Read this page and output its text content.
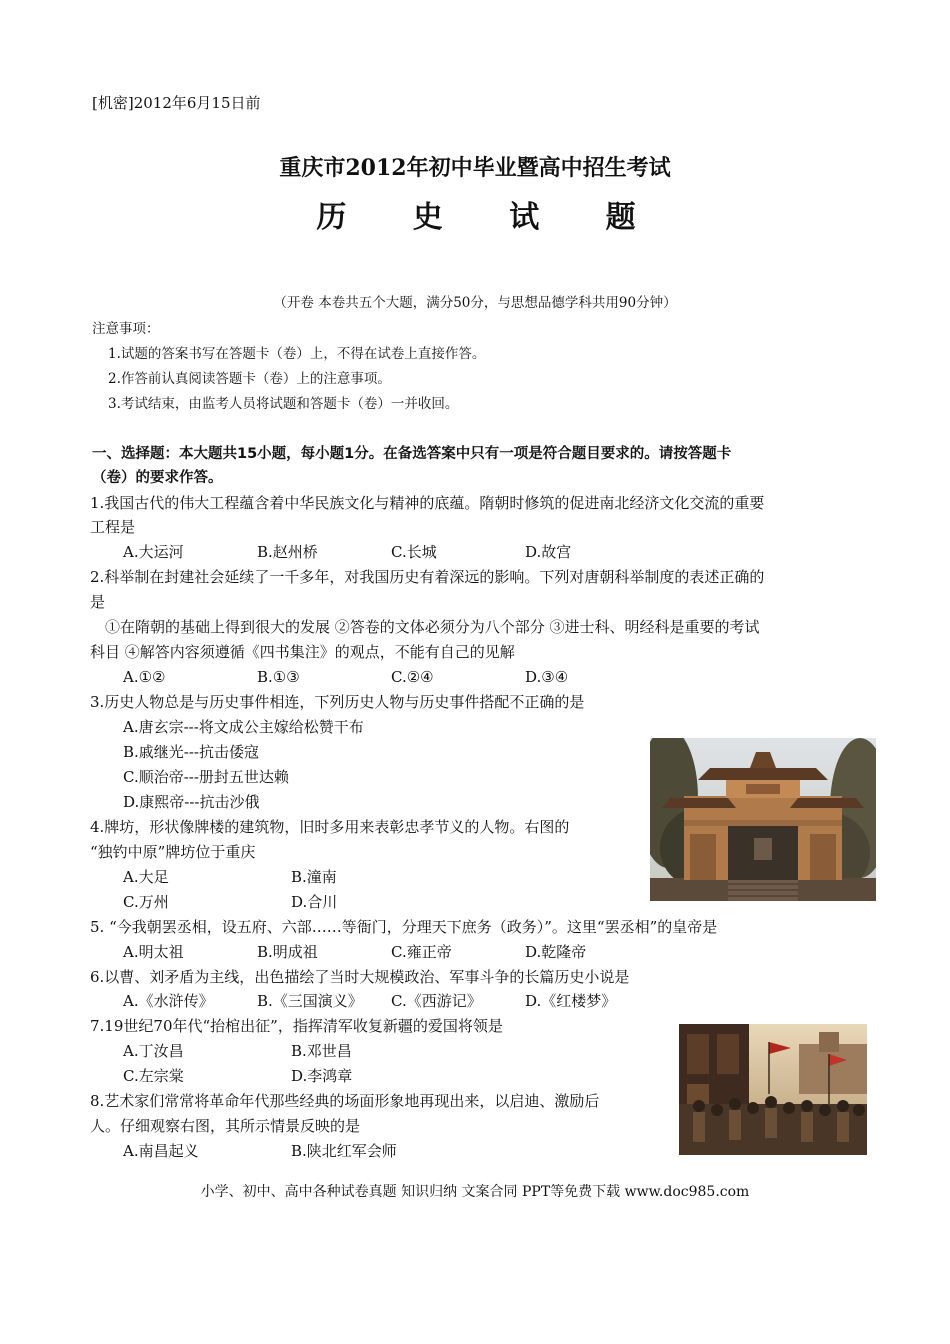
[机密]2012年6月15日前
重庆市2012年初中毕业暨高中招生考试
历 史 试 题
（开卷 本卷共五个大题，满分50分，与思想品德学科共用90分钟）
注意事项：
1.试题的答案书写在答题卡（卷）上，不得在试卷上直接作答。
2.作答前认真阅读答题卡（卷）上的注意事项。
3.考试结束，由监考人员将试题和答题卡（卷）一并收回。
一、选择题：本大题共15小题，每小题1分。在备选答案中只有一项是符合题目要求的。请按答题卡
（卷）的要求作答。
1.我国古代的伟大工程蕴含着中华民族文化与精神的底蕴。隋朝时修筑的促进南北经济文化交流的重要
工程是
A.大运河	B.赵州桥	C.长城	D.故宫
2.科举制在封建社会延续了一千多年，对我国历史有着深远的影响。下列对唐朝科举制度的表述正确的
是
①在隋朝的基础上得到很大的发展 ②答卷的文体必须分为八个部分 ③进士科、明经科是重要的考试
科目 ④解答内容须遵循《四书集注》的观点，不能有自己的见解
A.①②	B.①③	C.②④	D.③④
3.历史人物总是与历史事件相连，下列历史人物与历史事件搭配不正确的是
A.唐玄宗---将文成公主嫁给松赞干布
B.戚继光---抗击倭寇
C.顺治帝---册封五世达赖
D.康熙帝---抗击沙俄
4.牌坊，形状像牌楼的建筑物，旧时多用来表彰忠孝节义的人物。右图的
“独钓中原”牌坊位于重庆
A.大足	B.潼南
C.万州	D.合川
5. “今我朝罢丞相，设五府、六部……等衙门，分理天下庶务（政务）”。这里“罢丞相”的皇帝是
A.明太祖	B.明成祖	C.雍正帝	D.乾隆帝
6.以曹、刘矛盾为主线，出色描绘了当时大规模政治、军事斗争的长篇历史小说是
A.《水浒传》	B.《三国演义》 C.《西游记》	D.《红楼梦》
7.19世纪70年代“抬棺出征”，指挥清军收复新疆的爱国将领是
A.丁汝昌	B.邓世昌
C.左宗棠	D.李鸿章
8.艺术家们常常将革命年代那些经典的场面形象地再现出来，以启迪、激励后
人。仔细观察右图，其所示情景反映的是
A.南昌起义	B.陕北红军会师
小学、初中、高中各种试卷真题 知识归纳 文案合同 PPT等免费下载 www.doc985.com
